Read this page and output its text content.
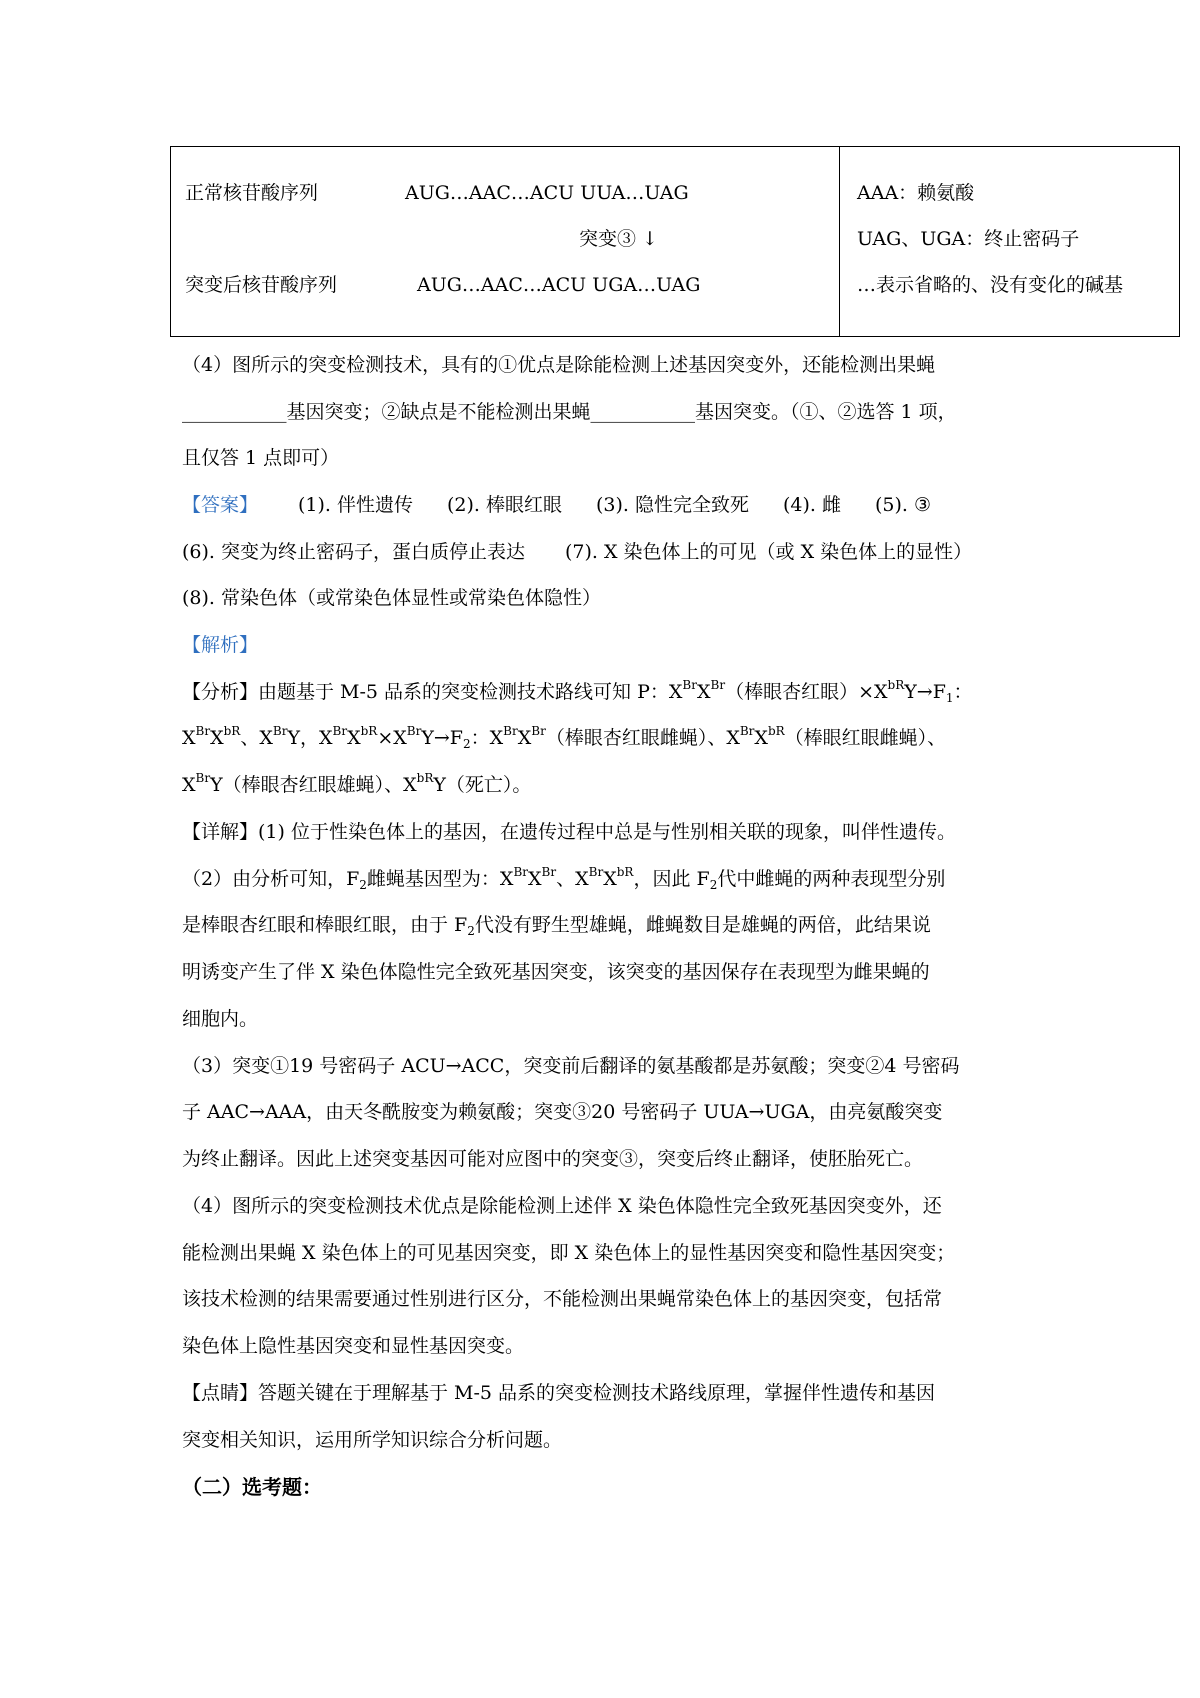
正常核苷酸序列	AUG…AAC…ACU UUA…UAG
突变③ ↓
突变后核苷酸序列	AUG…AAC…ACU UGA…UAG
AAA：赖氨酸
UAG、UGA：终止密码子
…表示省略的、没有变化的碱基
（4）图所示的突变检测技术，具有的①优点是除能检测上述基因突变外，还能检测出果蝇
___________基因突变；②缺点是不能检测出果蝇___________基因突变。（①、②选答 1 项，
且仅答 1 点即可）
【答案】 (1). 伴性遗传 (2). 棒眼红眼 (3). 隐性完全致死 (4). 雌 (5). ③
(6). 突变为终止密码子，蛋白质停止表达 (7). X 染色体上的可见（或 X 染色体上的显性）
(8). 常染色体（或常染色体显性或常染色体隐性）
【解析】
【分析】由题基于 M-5 品系的突变检测技术路线可知 P：$X^{Br}X^{Br}$（棒眼杏红眼）$\times X^{bR}Y\to F_1$：
$X^{Br}X^{bR}$、$X^{Br}Y$，$X^{Br}X^{bR}\times X^{Br}Y\to F_2$：$X^{Br}X^{Br}$（棒眼杏红眼雌蝇）、$X^{Br}X^{bR}$（棒眼红眼雌蝇）、
$X^{Br}Y$（棒眼杏红眼雄蝇）、$X^{bR}Y$（死亡）。
【详解】(1) 位于性染色体上的基因，在遗传过程中总是与性别相关联的现象，叫伴性遗传。
（2）由分析可知，$F_2$雌蝇基因型为：$X^{Br}X^{Br}$、$X^{Br}X^{bR}$，因此 $F_2$代中雌蝇的两种表现型分别
是棒眼杏红眼和棒眼红眼，由于 $F_2$代没有野生型雄蝇，雌蝇数目是雄蝇的两倍，此结果说
明诱变产生了伴 X 染色体隐性完全致死基因突变，该突变的基因保存在表现型为雌果蝇的
细胞内。
（3）突变①19 号密码子 ACU→ACC，突变前后翻译的氨基酸都是苏氨酸；突变②4 号密码
子 AAC→AAA，由天冬酰胺变为赖氨酸；突变③20 号密码子 UUA→UGA，由亮氨酸突变
为终止翻译。因此上述突变基因可能对应图中的突变③，突变后终止翻译，使胚胎死亡。
（4）图所示的突变检测技术优点是除能检测上述伴 X 染色体隐性完全致死基因突变外，还
能检测出果蝇 X 染色体上的可见基因突变，即 X 染色体上的显性基因突变和隐性基因突变；
该技术检测的结果需要通过性别进行区分，不能检测出果蝇常染色体上的基因突变，包括常
染色体上隐性基因突变和显性基因突变。
【点睛】答题关键在于理解基于 M-5 品系的突变检测技术路线原理，掌握伴性遗传和基因
突变相关知识，运用所学知识综合分析问题。
（二）选考题：
